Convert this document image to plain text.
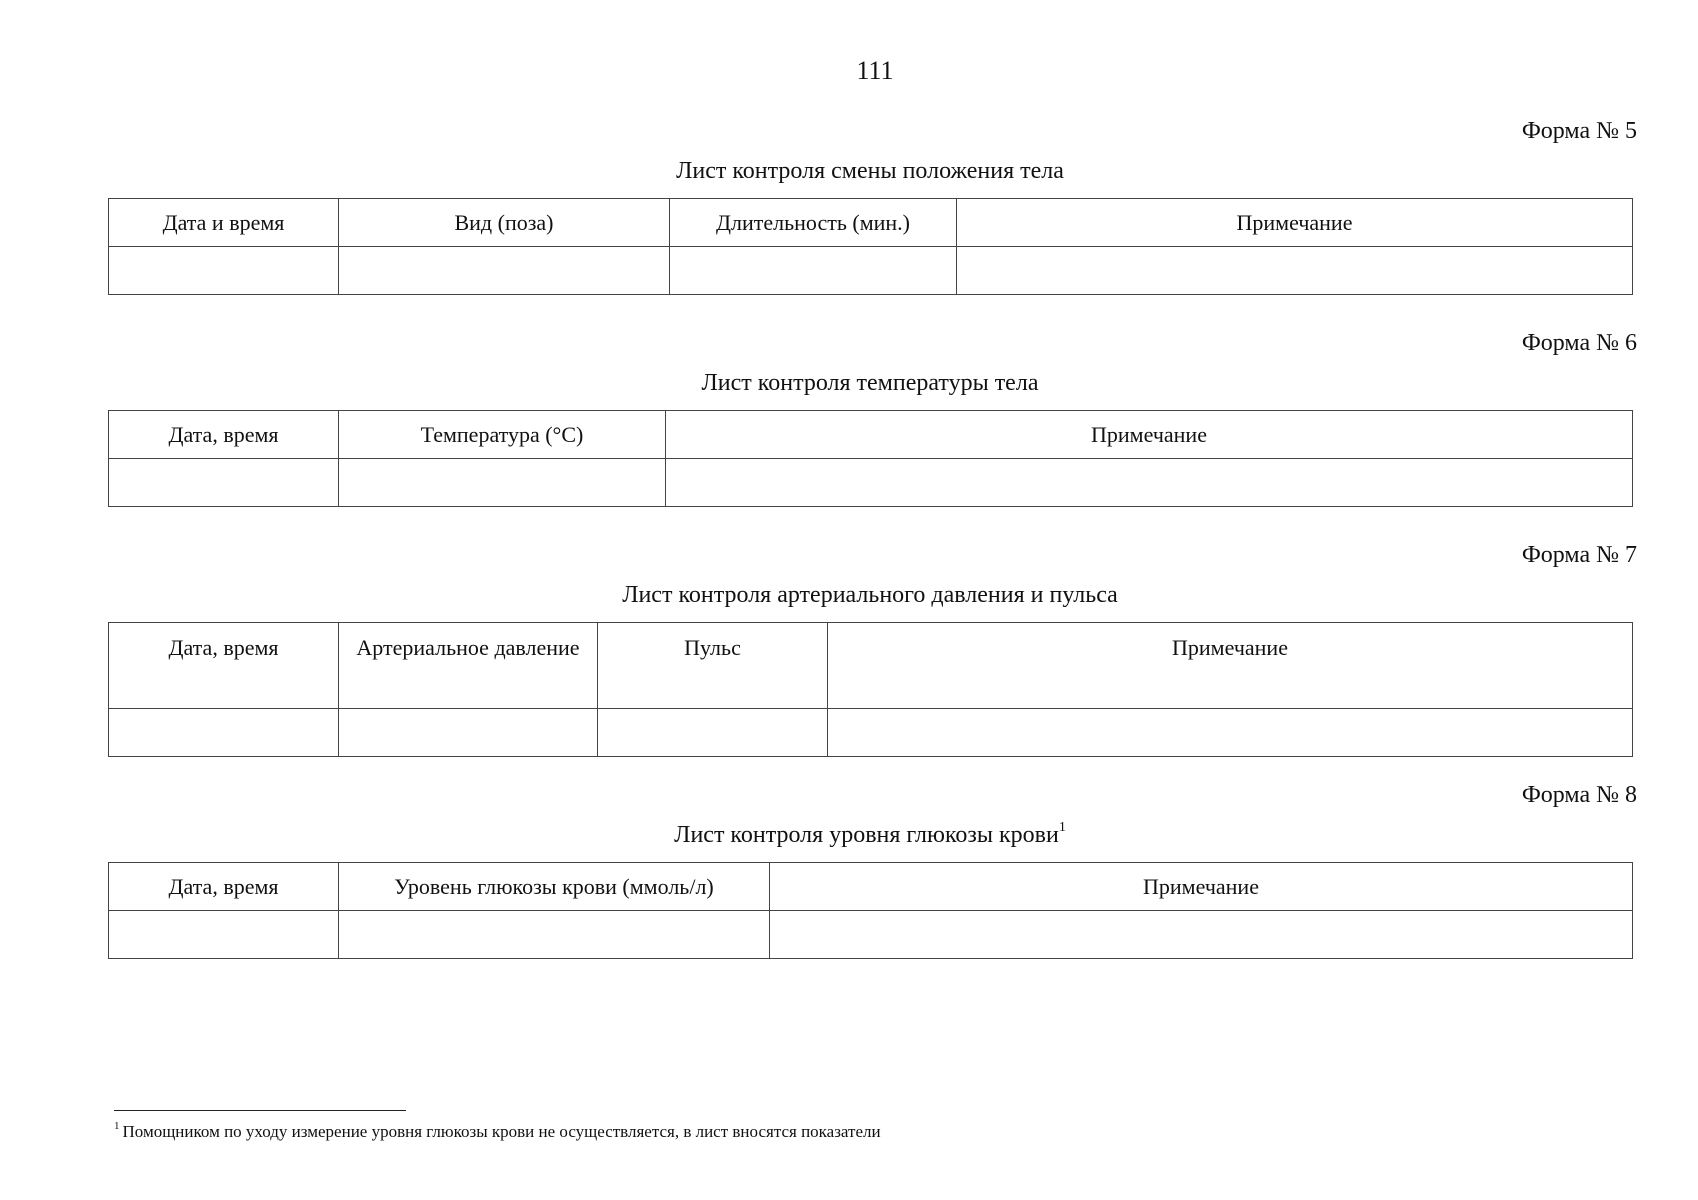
111
Форма № 5
Лист контроля смены положения тела
Дата и время	Вид (поза)	Длительность (мин.)	Примечание

Форма № 6
Лист контроля температуры тела
Дата, время	Температура (°С)	Примечание

Форма № 7
Лист контроля артериального давления и пульса
Дата, время	Артериальное давление	Пульс	Примечание

Форма № 8
Лист контроля уровня глюкозы крови$^1$
Дата, время	Уровень глюкозы крови (ммоль/л)	Примечание

$^1$ Помощником по уходу измерение уровня глюкозы крови не осуществляется, в лист вносятся показатели
